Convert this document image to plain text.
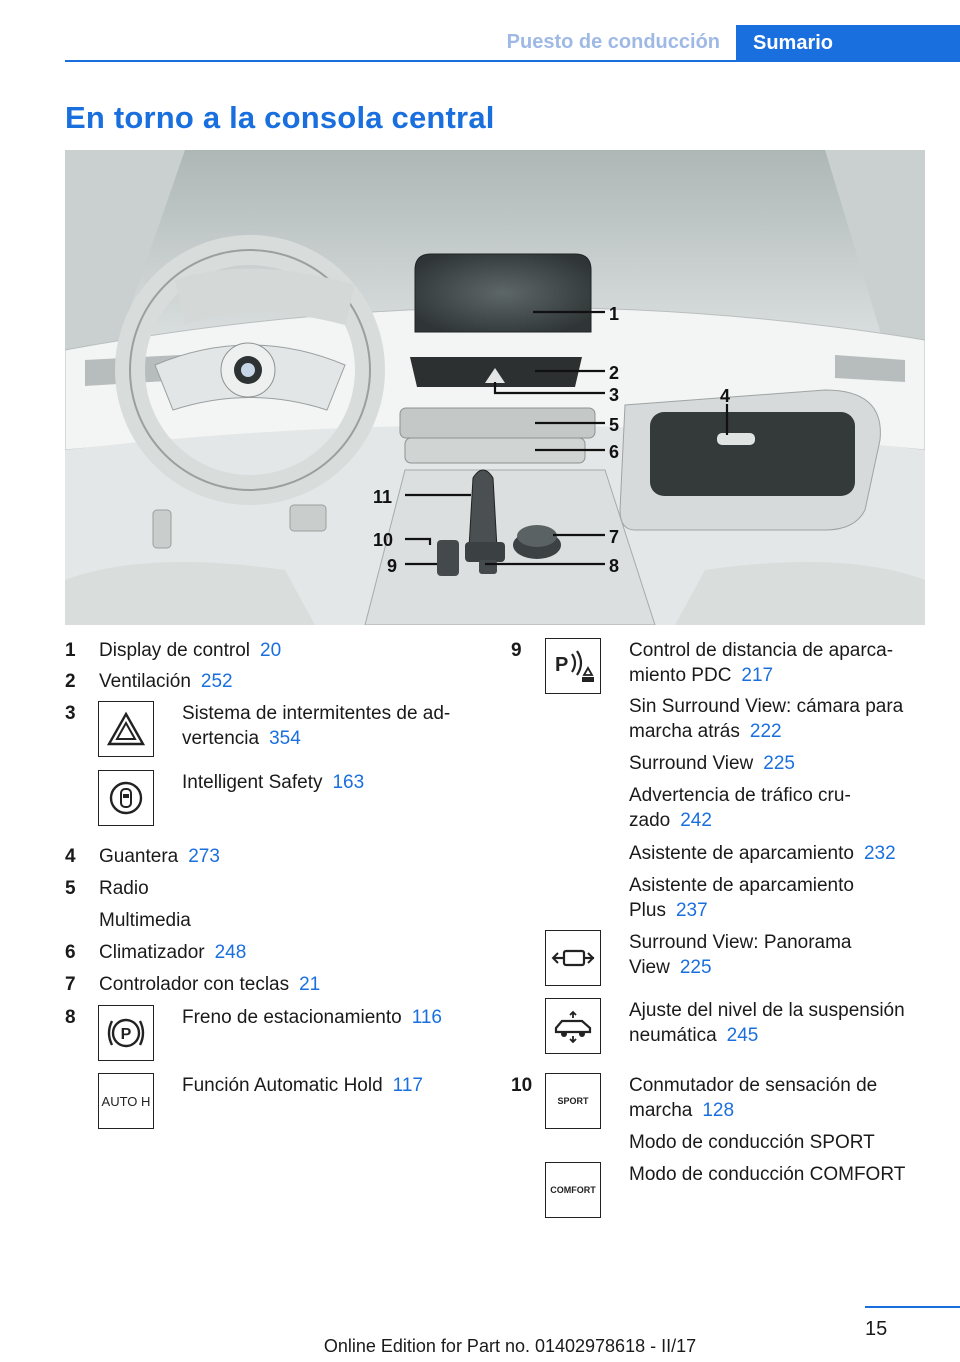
Puesto de conducción	Sumario
En torno a la consola central
1
2
3	4
5
6
7
8
9
10
11
1 Display de control 20
2 Ventilación 252
3	Sistema de intermitentes de ad‐
vertencia 354
Intelligent Safety 163
4 Guantera 273
5 Radio
Multimedia
6 Climatizador 248
7 Controlador con teclas 21
8
P
Freno de estacionamiento 116
AUTO H
Función Automatic Hold 117
9
P
Control de distancia de aparca‐
miento PDC 217
Sin Surround View: cámara para
marcha atrás 222
Surround View 225
Advertencia de tráfico cru‐
zado 242
Asistente de aparcamiento 232
Asistente de aparcamiento
Plus 237
Surround View: Panorama
View 225
Ajuste del nivel de la suspensión
neumática 245
10
SPORT
Conmutador de sensación de
marcha 128
Modo de conducción SPORT
COMFORT
Modo de conducción COMFORT
15
Online Edition for Part no. 01402978618 - II/17
